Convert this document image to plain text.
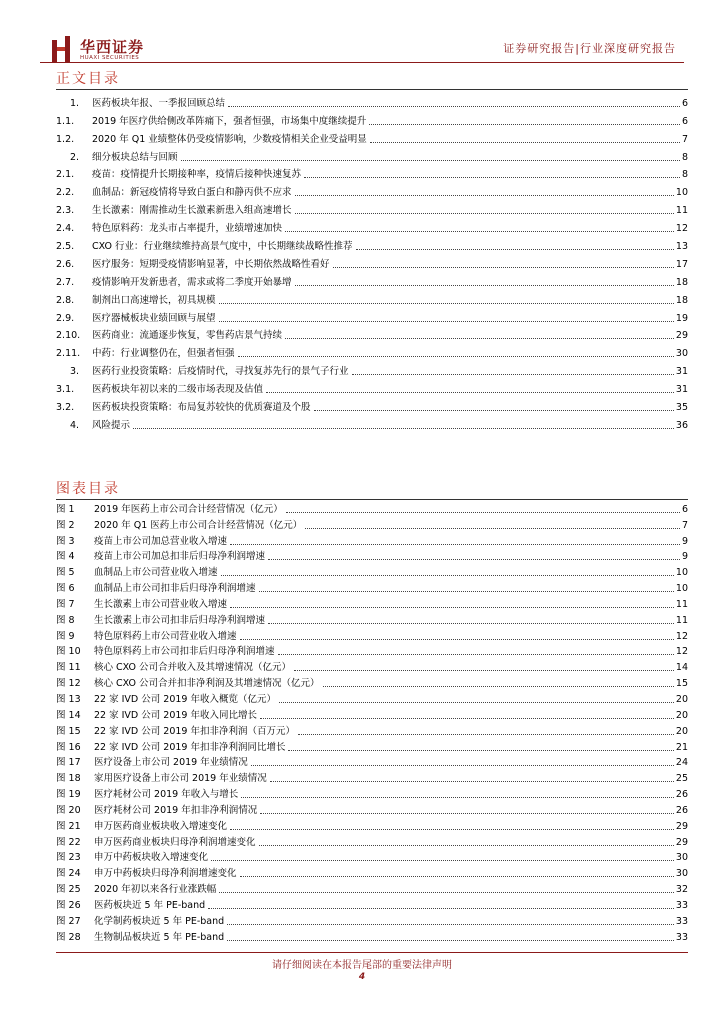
华西证券
HUAXI SECURITIES
证券研究报告|行业深度研究报告
正文目录
1.	医药板块年报、一季报回顾总结	6
1.1.	2019 年医疗供给侧改革阵痛下，强者恒强，市场集中度继续提升	6
1.2.	2020 年 Q1 业绩整体仍受疫情影响，少数疫情相关企业受益明显	7
2.	细分板块总结与回顾	8
2.1.	疫苗：疫情提升长期接种率，疫情后接种快速复苏	8
2.2.	血制品：新冠疫情将导致白蛋白和静丙供不应求	10
2.3.	生长激素：刚需推动生长激素新患入组高速增长	11
2.4.	特色原料药：龙头市占率提升，业绩增速加快	12
2.5.	CXO 行业：行业继续维持高景气度中，中长期继续战略性推荐	13
2.6.	医疗服务：短期受疫情影响显著，中长期依然战略性看好	17
2.7.	疫情影响开发新患者，需求或将二季度开始暴增	18
2.8.	制剂出口高速增长，初具规模	18
2.9.	医疗器械板块业绩回顾与展望	19
2.10.	医药商业：流通逐步恢复，零售药店景气持续	29
2.11.	中药：行业调整仍在，但强者恒强	30
3.	医药行业投资策略：后疫情时代，寻找复苏先行的景气子行业	31
3.1.	医药板块年初以来的二级市场表现及估值	31
3.2.	医药板块投资策略：布局复苏较快的优质赛道及个股	35
4.	风险提示	36
图表目录
图 1	2019 年医药上市公司合计经营情况（亿元）	6
图 2	2020 年 Q1 医药上市公司合计经营情况（亿元）	7
图 3	疫苗上市公司加总营业收入增速	9
图 4	疫苗上市公司加总扣非后归母净利润增速	9
图 5	血制品上市公司营业收入增速	10
图 6	血制品上市公司扣非后归母净利润增速	10
图 7	生长激素上市公司营业收入增速	11
图 8	生长激素上市公司扣非后归母净利润增速	11
图 9	特色原料药上市公司营业收入增速	12
图 10	特色原料药上市公司扣非后归母净利润增速	12
图 11	核心 CXO 公司合并收入及其增速情况（亿元）	14
图 12	核心 CXO 公司合并扣非净利润及其增速情况（亿元）	15
图 13	22 家 IVD 公司 2019 年收入概览（亿元）	20
图 14	22 家 IVD 公司 2019 年收入同比增长	20
图 15	22 家 IVD 公司 2019 年扣非净利润（百万元）	20
图 16	22 家 IVD 公司 2019 年扣非净利润同比增长	21
图 17	医疗设备上市公司 2019 年业绩情况	24
图 18	家用医疗设备上市公司 2019 年业绩情况	25
图 19	医疗耗材公司 2019 年收入与增长	26
图 20	医疗耗材公司 2019 年扣非净利润情况	26
图 21	申万医药商业板块收入增速变化	29
图 22	申万医药商业板块归母净利润增速变化	29
图 23	申万中药板块收入增速变化	30
图 24	申万中药板块归母净利润增速变化	30
图 25	2020 年初以来各行业涨跌幅	32
图 26	医药板块近 5 年 PE-band	33
图 27	化学制药板块近 5 年 PE-band	33
图 28	生物制品板块近 5 年 PE-band	33
请仔细阅读在本报告尾部的重要法律声明
4
